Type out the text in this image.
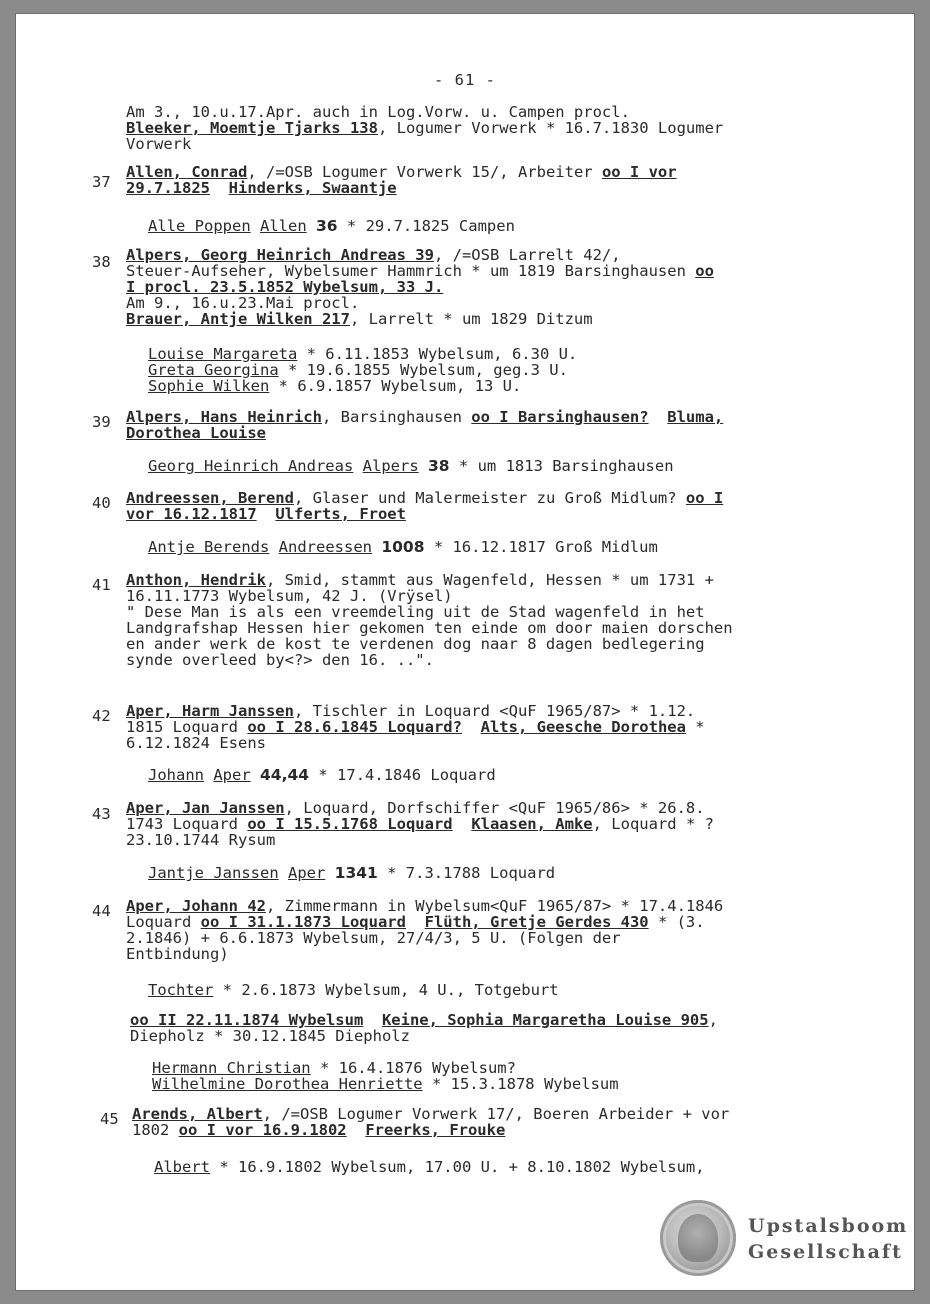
- 61 -
Am 3., 10.u.17.Apr. auch in Log.Vorw. u. Campen procl.
Bleeker, Moemtje Tjarks 138, Logumer Vorwerk * 16.7.1830 Logumer
Vorwerk
37
Allen, Conrad, /=OSB Logumer Vorwerk 15/, Arbeiter oo I vor
29.7.1825 Hinderks, Swaantje
Alle Poppen Allen 36 * 29.7.1825 Campen
38 Alpers, Georg Heinrich Andreas 39, /=OSB Larrelt 42/,
Steuer-Aufseher, Wybelsumer Hammrich * um 1819 Barsinghausen oo
I procl. 23.5.1852 Wybelsum, 33 J.
Am 9., 16.u.23.Mai procl.
Brauer, Antje Wilken 217, Larrelt * um 1829 Ditzum
Louise Margareta * 6.11.1853 Wybelsum, 6.30 U.
Greta Georgina * 19.6.1855 Wybelsum, geg.3 U.
Sophie Wilken * 6.9.1857 Wybelsum, 13 U.
39 Alpers, Hans Heinrich, Barsinghausen oo I Barsinghausen? Bluma,
Dorothea Louise
Georg Heinrich Andreas Alpers 38 * um 1813 Barsinghausen
40 Andreessen, Berend, Glaser und Malermeister zu Groß Midlum? oo I
vor 16.12.1817 Ulferts, Froet
Antje Berends Andreessen 1008 * 16.12.1817 Groß Midlum
41 Anthon, Hendrik, Smid, stammt aus Wagenfeld, Hessen * um 1731 +
16.11.1773 Wybelsum, 42 J. (Vrÿsel)
" Dese Man is als een vreemdeling uit de Stad wagenfeld in het
Landgrafshap Hessen hier gekomen ten einde om door maien dorschen
en ander werk de kost te verdenen dog naar 8 dagen bedlegering
synde overleed by<?> den 16. ..".
42 Aper, Harm Janssen, Tischler in Loquard <QuF 1965/87> * 1.12.
1815 Loquard oo I 28.6.1845 Loquard? Alts, Geesche Dorothea *
6.12.1824 Esens
Johann Aper 44,44 * 17.4.1846 Loquard
43 Aper, Jan Janssen, Loquard, Dorfschiffer <QuF 1965/86> * 26.8.
1743 Loquard oo I 15.5.1768 Loquard Klaasen, Amke, Loquard * ?
23.10.1744 Rysum
Jantje Janssen Aper 1341 * 7.3.1788 Loquard
44 Aper, Johann 42, Zimmermann in Wybelsum<QuF 1965/87> * 17.4.1846
Loquard oo I 31.1.1873 Loquard Flüth, Gretje Gerdes 430 * (3.
2.1846) + 6.6.1873 Wybelsum, 27/4/3, 5 U. (Folgen der
Entbindung)
Tochter * 2.6.1873 Wybelsum, 4 U., Totgeburt
oo II 22.11.1874 Wybelsum Keine, Sophia Margaretha Louise 905,
Diepholz * 30.12.1845 Diepholz
Hermann Christian * 16.4.1876 Wybelsum?
Wilhelmine Dorothea Henriette * 15.3.1878 Wybelsum
45 Arends, Albert, /=OSB Logumer Vorwerk 17/, Boeren Arbeider + vor
1802 oo I vor 16.9.1802 Freerks, Frouke
Albert * 16.9.1802 Wybelsum, 17.00 U. + 8.10.1802 Wybelsum,
Upstalsboom
Gesellschaft
